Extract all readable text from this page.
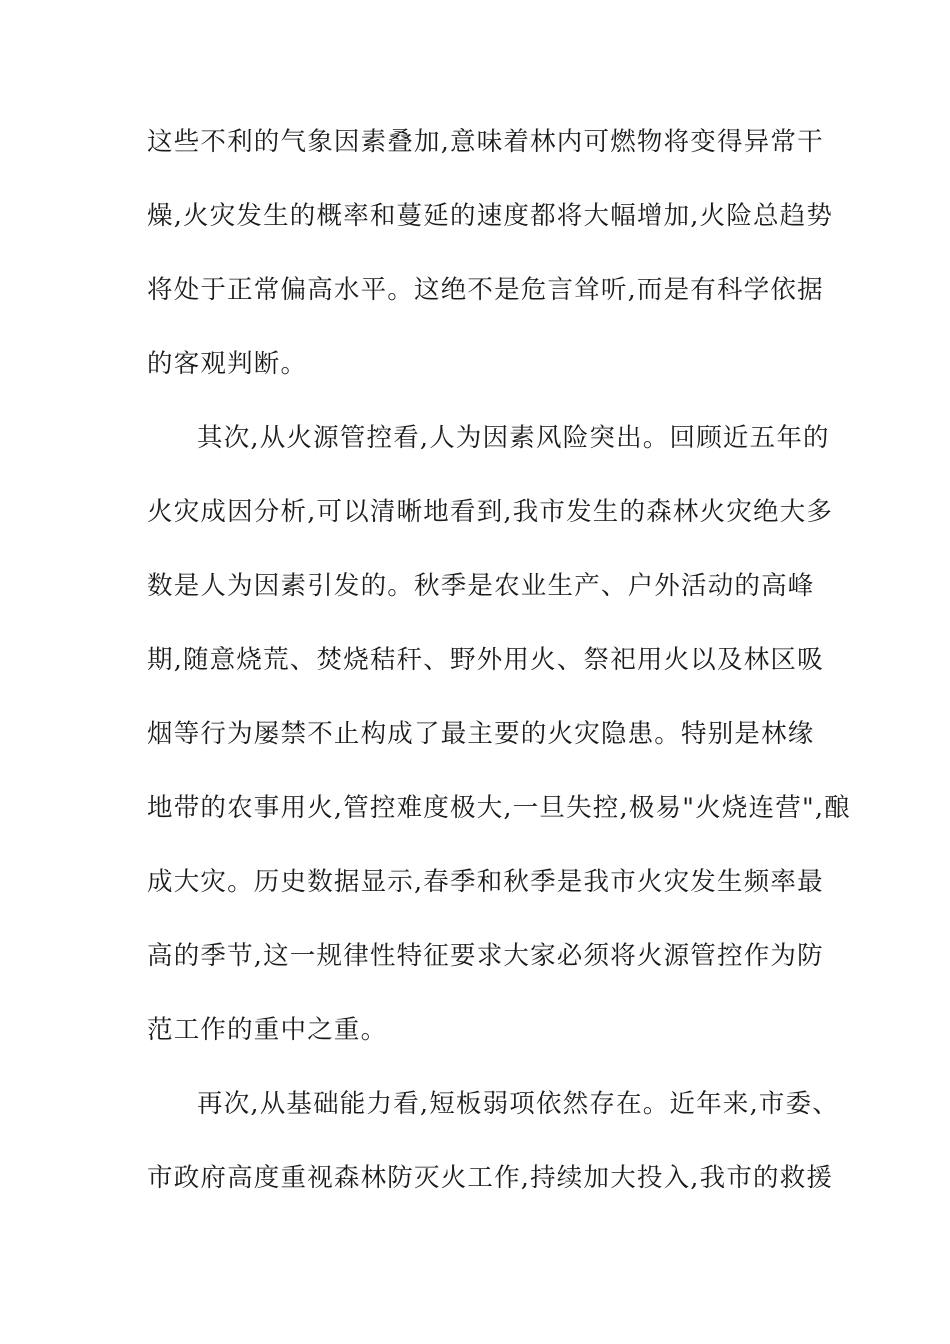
这些不利的气象因素叠加,意味着林内可燃物将变得异常干
燥,火灾发生的概率和蔓延的速度都将大幅增加,火险总趋势
将处于正常偏高水平。这绝不是危言耸听,而是有科学依据
的客观判断。
其次,从火源管控看,人为因素风险突出。回顾近五年的
火灾成因分析,可以清晰地看到,我市发生的森林火灾绝大多
数是人为因素引发的。秋季是农业生产、户外活动的高峰
期,随意烧荒、焚烧秸秆、野外用火、祭祀用火以及林区吸
烟等行为屡禁不止构成了最主要的火灾隐患。特别是林缘
地带的农事用火,管控难度极大,一旦失控,极易"火烧连营",酿
成大灾。历史数据显示,春季和秋季是我市火灾发生频率最
高的季节,这一规律性特征要求大家必须将火源管控作为防
范工作的重中之重。
再次,从基础能力看,短板弱项依然存在。近年来,市委、
市政府高度重视森林防灭火工作,持续加大投入,我市的救援
